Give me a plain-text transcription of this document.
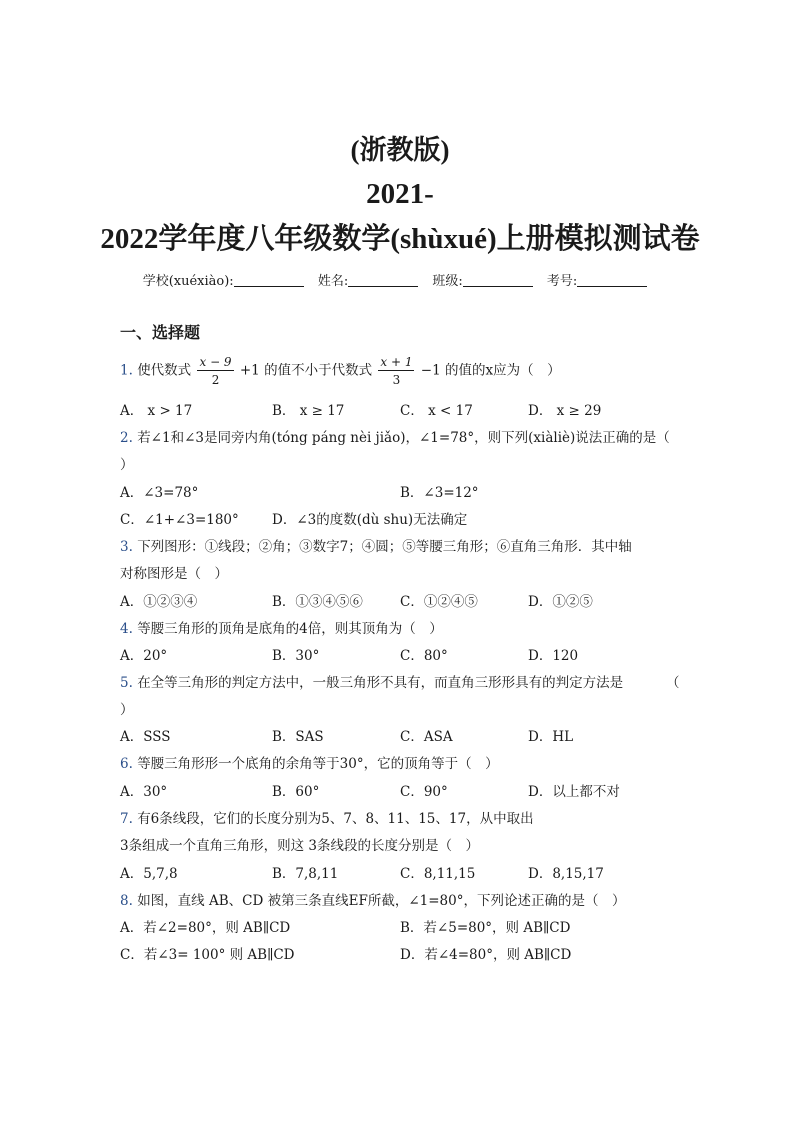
(浙教版)
2021-
2022学年度八年级数学(shùxué)上册模拟测试卷
学校(xuéxiào):	姓名:	班级:	考号:
一、选择题
1. 使代数式 $\frac{x - 9}{2} +1$ 的值不小于代数式 $\frac{x + 1}{3} -1$ 的值的x应为（　）
A． x > 17	B． x ≥ 17	C． x < 17	D． x ≥ 29
2. 若∠1和∠3是同旁内角(tóng páng nèi jiǎo)，∠1=78°，则下列(xiàliè)说法正确的是（
）
A．∠3=78°	B．∠3=12°
C．∠1+∠3=180° D．∠3的度数(dù shu)无法确定
3. 下列图形：①线段；②角；③数字7；④圆；⑤等腰三角形；⑥直角三角形．其中轴
对称图形是（　）
A．①②③④	B．①③④⑤⑥	C．①②④⑤	D．①②⑤
4. 等腰三角形的顶角是底角的4倍，则其顶角为（　）
A．20°	B．30°	C．80°	D．120
5. 在全等三角形的判定方法中，一般三角形不具有，而直角三形形具有的判定方法是	（
）
A．SSS	B．SAS	C．ASA	D．HL
6. 等腰三角形形一个底角的余角等于30°，它的顶角等于（　）
A．30°	B．60°	C．90°	D．以上都不对
7. 有6条线段，它们的长度分别为5、7、8、11、15、17，从中取出
3条组成一个直角三角形，则这 3条线段的长度分别是（　）
A．5,7,8	B．7,8,11	C．8,11,15	D．8,15,17
8. 如图，直线 AB、CD 被第三条直线EF所截，∠1=80°，下列论述正确的是（　）
A．若∠2=80°，则 AB∥CD	B．若∠5=80°，则 AB∥CD
C．若∠3= 100° 则 AB∥CD	D．若∠4=80°，则 AB∥CD
